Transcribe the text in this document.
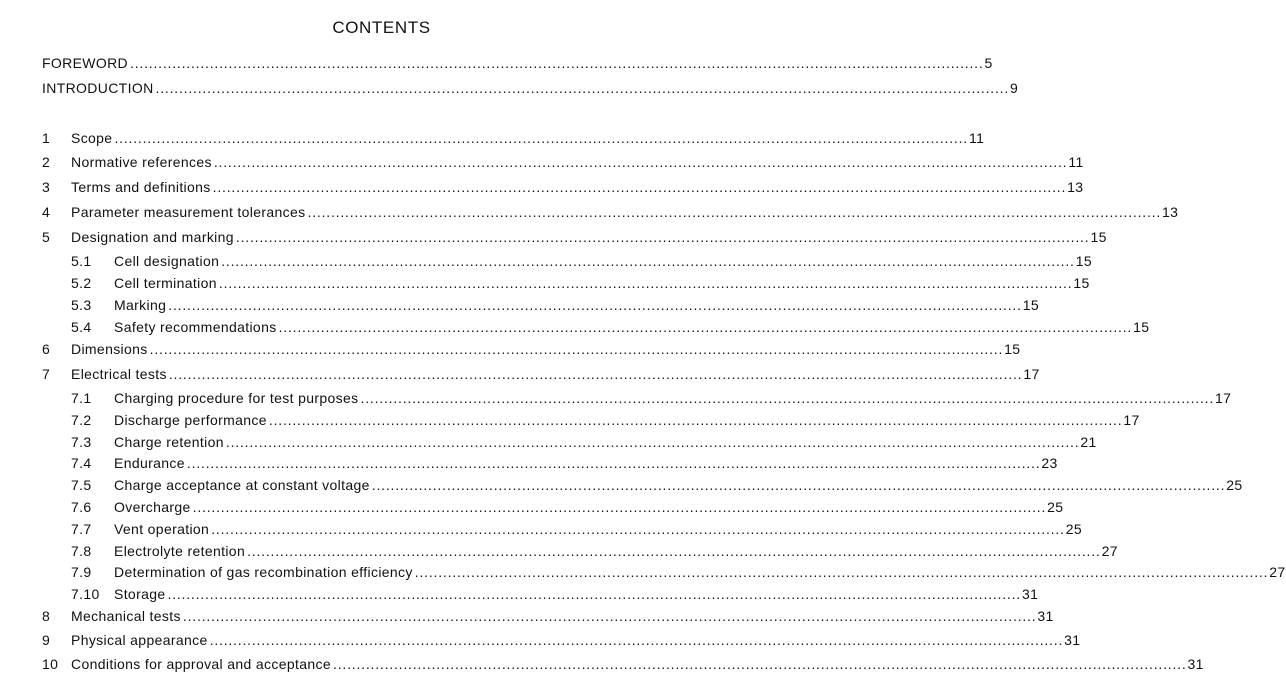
CONTENTS
FOREWORD ...................................................................................................................................................................................... 5
INTRODUCTION ...................................................................................................................................................................................... 9
1 Scope ...................................................................................................................................................................................... 11
2 Normative references ...................................................................................................................................................................................... 11
3 Terms and definitions ...................................................................................................................................................................................... 13
4 Parameter measurement tolerances ...................................................................................................................................................................................... 13
5 Designation and marking ...................................................................................................................................................................................... 15
5.1 Cell designation ...................................................................................................................................................................................... 15
5.2 Cell termination ...................................................................................................................................................................................... 15
5.3 Marking ...................................................................................................................................................................................... 15
5.4 Safety recommendations ...................................................................................................................................................................................... 15
6 Dimensions ...................................................................................................................................................................................... 15
7 Electrical tests ...................................................................................................................................................................................... 17
7.1 Charging procedure for test purposes ...................................................................................................................................................................................... 17
7.2 Discharge performance ...................................................................................................................................................................................... 17
7.3 Charge retention ...................................................................................................................................................................................... 21
7.4 Endurance ...................................................................................................................................................................................... 23
7.5 Charge acceptance at constant voltage ...................................................................................................................................................................................... 25
7.6 Overcharge ...................................................................................................................................................................................... 25
7.7 Vent operation ...................................................................................................................................................................................... 25
7.8 Electrolyte retention ...................................................................................................................................................................................... 27
7.9 Determination of gas recombination efficiency ...................................................................................................................................................................................... 27
7.10 Storage ...................................................................................................................................................................................... 31
8 Mechanical tests ...................................................................................................................................................................................... 31
9 Physical appearance ...................................................................................................................................................................................... 31
10 Conditions for approval and acceptance ...................................................................................................................................................................................... 31
